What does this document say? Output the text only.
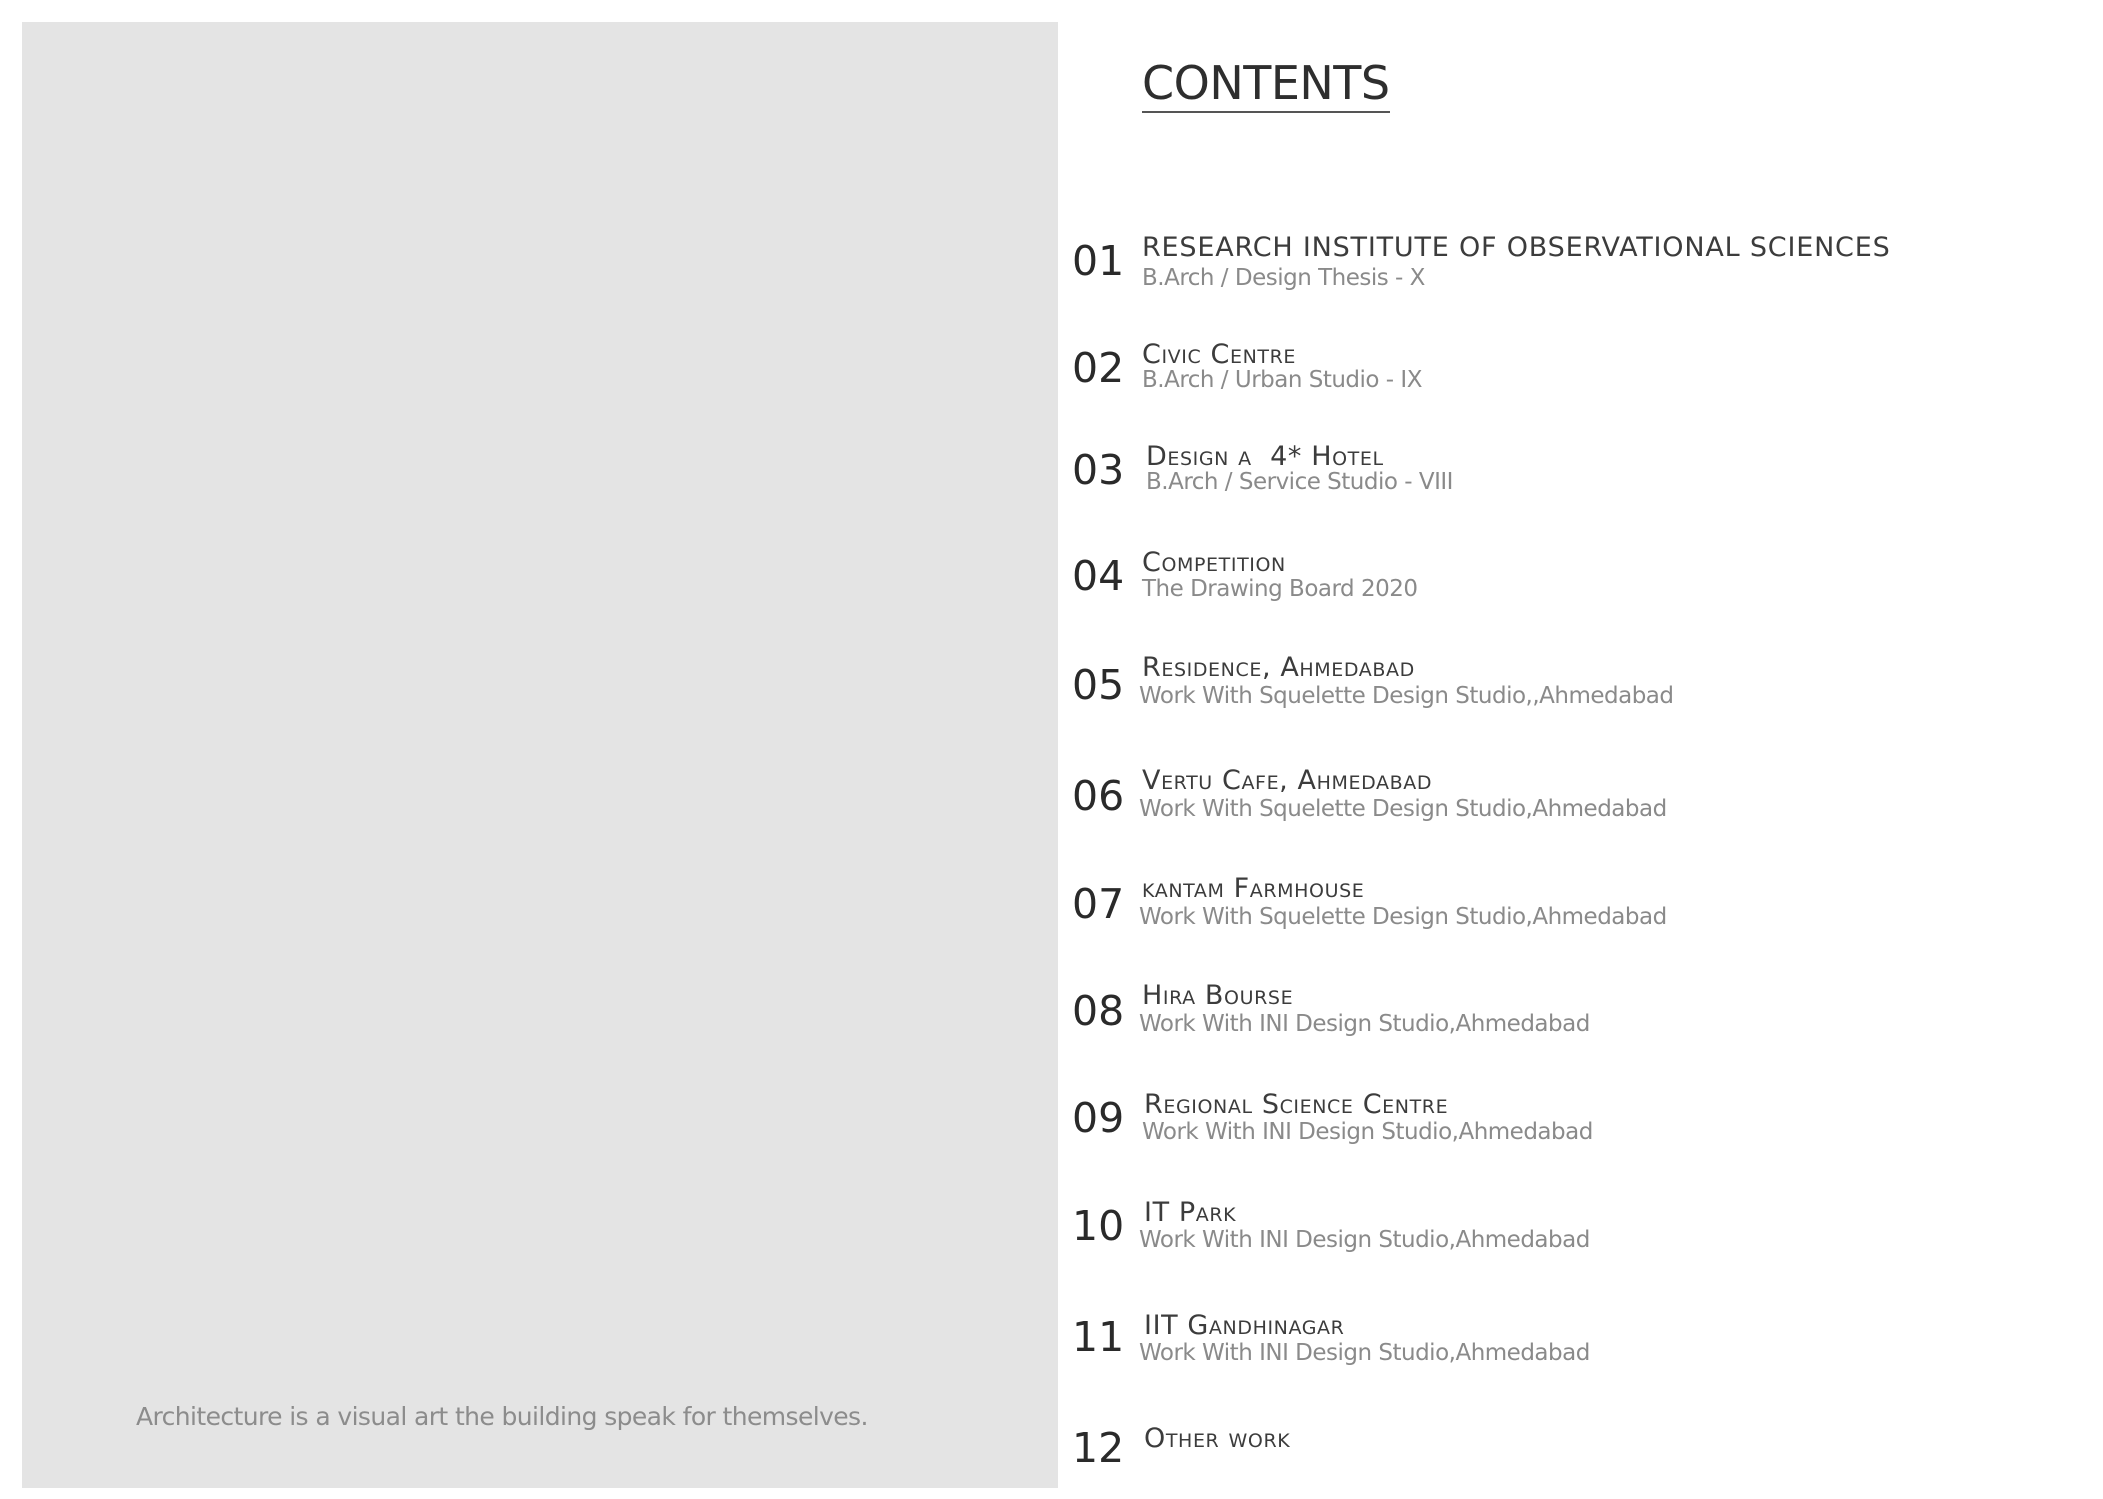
Architecture is a visual art the building speak for themselves.
CONTENTS
01 RESEARCH INSTITUTE OF OBSERVATIONAL SCIENCES
B.Arch / Design Thesis - X
02 Civic Centre
B.Arch / Urban Studio - IX
03 Design a  4* Hotel
B.Arch / Service Studio - VIII
04 Competition
The Drawing Board 2020
05 Residence, Ahmedabad
Work With Squelette Design Studio,,Ahmedabad
06 Vertu Cafe, Ahmedabad
Work With Squelette Design Studio,Ahmedabad
07 kantam Farmhouse
Work With Squelette Design Studio,Ahmedabad
08 Hira Bourse
Work With INI Design Studio,Ahmedabad
09 Regional Science Centre
Work With INI Design Studio,Ahmedabad
10 IT Park
Work With INI Design Studio,Ahmedabad
11 IIT Gandhinagar
Work With INI Design Studio,Ahmedabad
12 Other work
